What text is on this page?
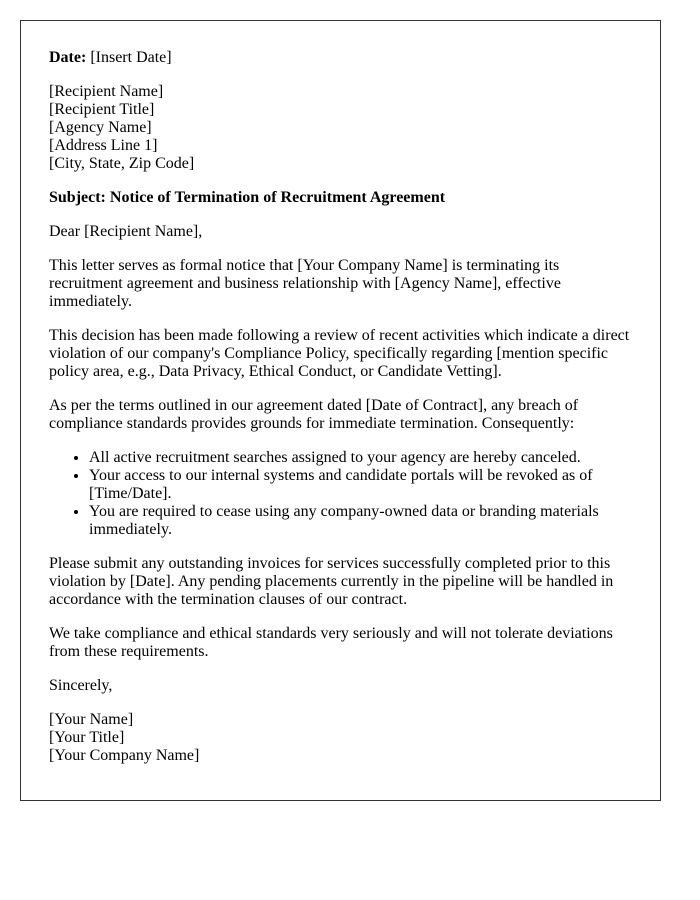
Date: [Insert Date]

[Recipient Name]
[Recipient Title]
[Agency Name]
[Address Line 1]
[City, State, Zip Code]

Subject: Notice of Termination of Recruitment Agreement

Dear [Recipient Name],

This letter serves as formal notice that [Your Company Name] is terminating its recruitment agreement and business relationship with [Agency Name], effective immediately.

This decision has been made following a review of recent activities which indicate a direct violation of our company's Compliance Policy, specifically regarding [mention specific policy area, e.g., Data Privacy, Ethical Conduct, or Candidate Vetting].

As per the terms outlined in our agreement dated [Date of Contract], any breach of compliance standards provides grounds for immediate termination. Consequently:

• All active recruitment searches assigned to your agency are hereby canceled.
• Your access to our internal systems and candidate portals will be revoked as of [Time/Date].
• You are required to cease using any company-owned data or branding materials immediately.

Please submit any outstanding invoices for services successfully completed prior to this violation by [Date]. Any pending placements currently in the pipeline will be handled in accordance with the termination clauses of our contract.

We take compliance and ethical standards very seriously and will not tolerate deviations from these requirements.

Sincerely,

[Your Name]
[Your Title]
[Your Company Name]
